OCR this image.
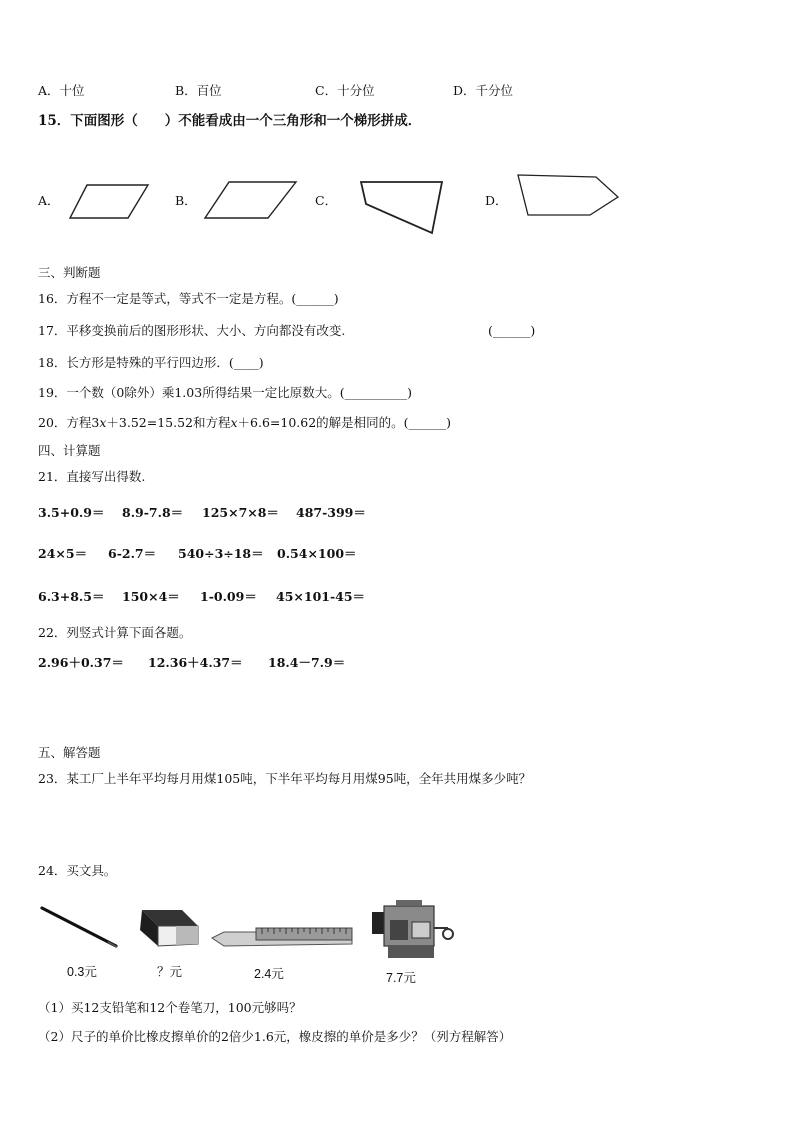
A．十位	B．百位	C．十分位	D．千分位
15．下面图形（　　）不能看成由一个三角形和一个梯形拼成．
A．	B．	C．	D．
三、判断题
16．方程不一定是等式，等式不一定是方程。(______)
17．平移变换前后的图形形状、大小、方向都没有改变.	(______)
18．长方形是特殊的平行四边形．(____)
19．一个数（0除外）乘1.03所得结果一定比原数大。(__________)
20．方程3𝑥＋3.52=15.52和方程𝑥＋6.6=10.62的解是相同的。(______)
四、计算题
21．直接写出得数.
3.5+0.9＝ 8.9-7.8＝ 125×7×8＝ 487-399＝
24×5＝ 6-2.7＝ 540÷3÷18＝ 0.54×100＝
6.3+8.5＝ 150×4＝ 1-0.09＝ 45×101-45＝
22．列竖式计算下面各题。
2.96＋0.37＝ 12.36＋4.37＝ 18.4－7.9＝
五、解答题
23．某工厂上半年平均每月用煤105吨，下半年平均每月用煤95吨，全年共用煤多少吨？
24．买文具。
0.3元	？元	2.4元	7.7元
（1）买12支铅笔和12个卷笔刀，100元够吗？
（2）尺子的单价比橡皮擦单价的2倍少1.6元，橡皮擦的单价是多少？（列方程解答）
